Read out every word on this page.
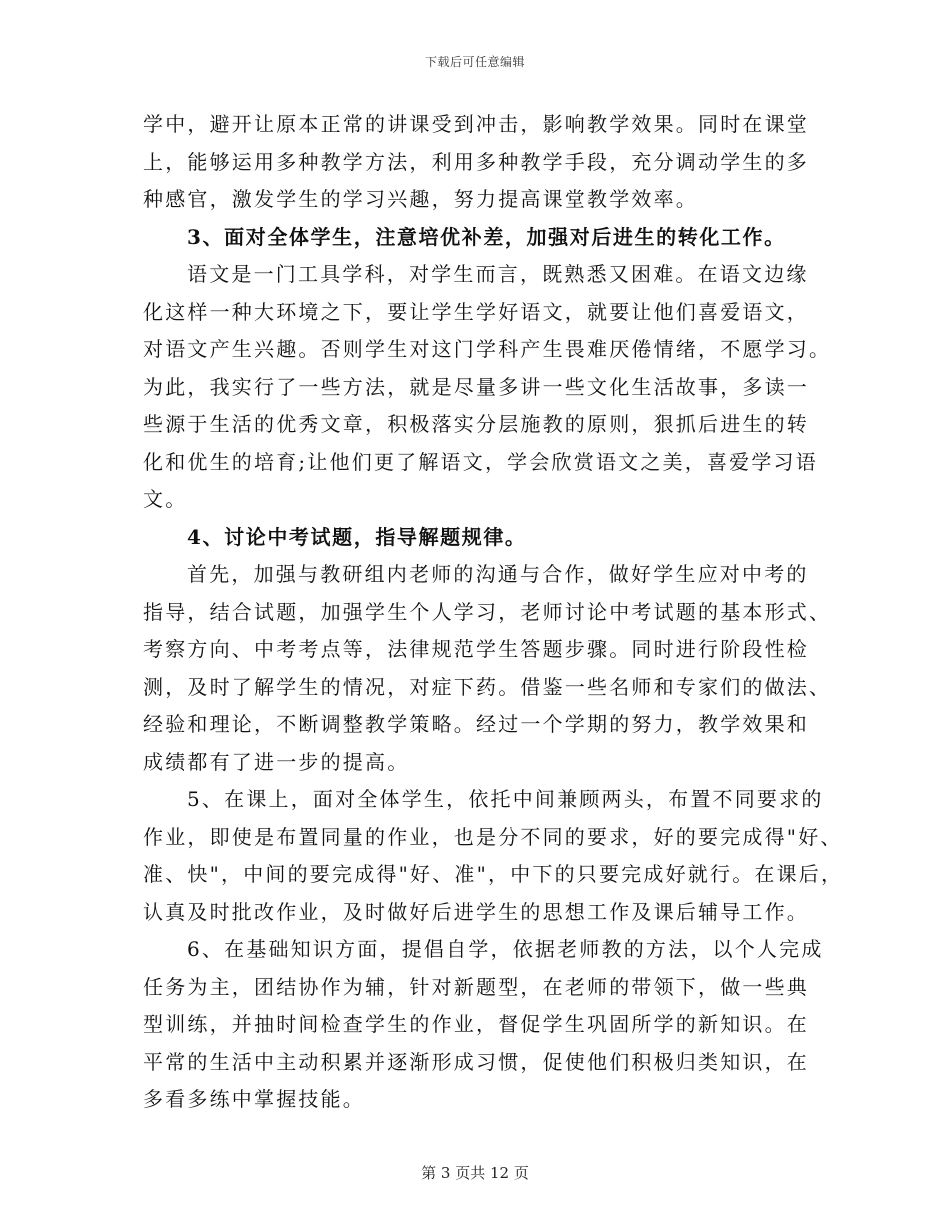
下载后可任意编辑
学中，避开让原本正常的讲课受到冲击，影响教学效果。同时在课堂
上，能够运用多种教学方法，利用多种教学手段，充分调动学生的多
种感官，激发学生的学习兴趣，努力提高课堂教学效率。
3、面对全体学生，注意培优补差，加强对后进生的转化工作。
语文是一门工具学科，对学生而言，既熟悉又困难。在语文边缘
化这样一种大环境之下，要让学生学好语文，就要让他们喜爱语文，
对语文产生兴趣。否则学生对这门学科产生畏难厌倦情绪，不愿学习。
为此，我实行了一些方法，就是尽量多讲一些文化生活故事，多读一
些源于生活的优秀文章，积极落实分层施教的原则，狠抓后进生的转
化和优生的培育;让他们更了解语文，学会欣赏语文之美，喜爱学习语
文。
4、讨论中考试题，指导解题规律。
首先，加强与教研组内老师的沟通与合作，做好学生应对中考的
指导，结合试题，加强学生个人学习，老师讨论中考试题的基本形式、
考察方向、中考考点等，法律规范学生答题步骤。同时进行阶段性检
测，及时了解学生的情况，对症下药。借鉴一些名师和专家们的做法、
经验和理论，不断调整教学策略。经过一个学期的努力，教学效果和
成绩都有了进一步的提高。
5、在课上，面对全体学生，依托中间兼顾两头，布置不同要求的
作业，即使是布置同量的作业，也是分不同的要求，好的要完成得"好、
准、快"，中间的要完成得"好、准"，中下的只要完成好就行。在课后，
认真及时批改作业，及时做好后进学生的思想工作及课后辅导工作。
6、在基础知识方面，提倡自学，依据老师教的方法，以个人完成
任务为主，团结协作为辅，针对新题型，在老师的带领下，做一些典
型训练，并抽时间检查学生的作业，督促学生巩固所学的新知识。在
平常的生活中主动积累并逐渐形成习惯，促使他们积极归类知识，在
多看多练中掌握技能。
第 3 页共 12 页
